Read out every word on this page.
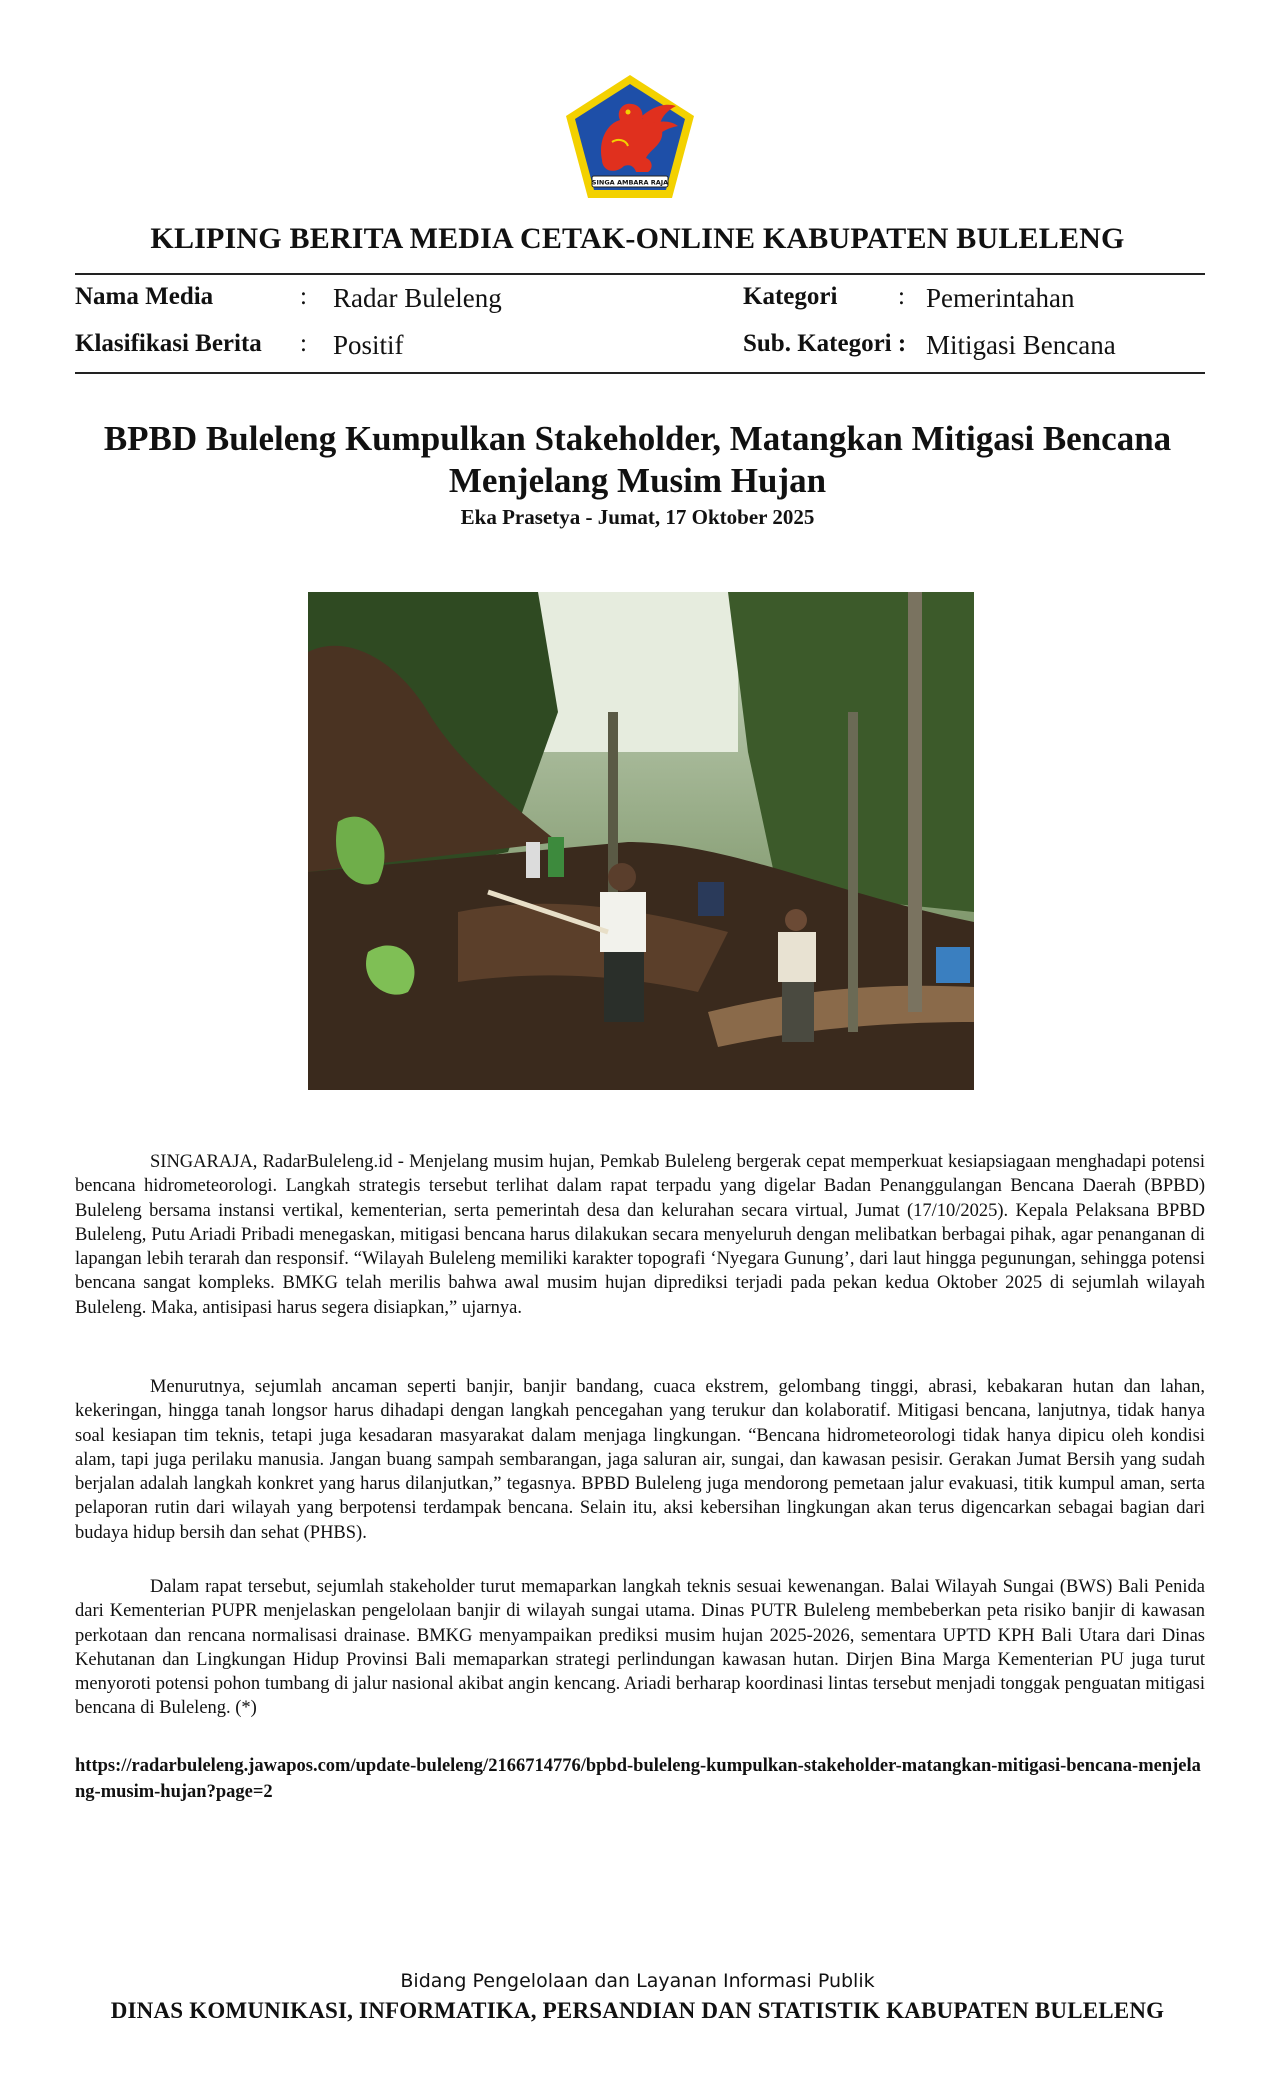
SINGA AMBARA RAJA
KLIPING BERITA MEDIA CETAK-ONLINE KABUPATEN BULELENG
Nama Media	: Radar Buleleng
Klasifikasi Berita : Positif
Kategori : Pemerintahan
Sub. Kategori : Mitigasi Bencana
BPBD Buleleng Kumpulkan Stakeholder, Matangkan Mitigasi Bencana Menjelang Musim Hujan
Eka Prasetya - Jumat, 17 Oktober 2025
SINGARAJA, RadarBuleleng.id - Menjelang musim hujan, Pemkab Buleleng bergerak cepat memperkuat kesiapsiagaan menghadapi potensi bencana hidrometeorologi. Langkah strategis tersebut terlihat dalam rapat terpadu yang digelar Badan Penanggulangan Bencana Daerah (BPBD) Buleleng bersama instansi vertikal, kementerian, serta pemerintah desa dan kelurahan secara virtual, Jumat (17/10/2025). Kepala Pelaksana BPBD Buleleng, Putu Ariadi Pribadi menegaskan, mitigasi bencana harus dilakukan secara menyeluruh dengan melibatkan berbagai pihak, agar penanganan di lapangan lebih terarah dan responsif. “Wilayah Buleleng memiliki karakter topografi ‘Nyegara Gunung’, dari laut hingga pegunungan, sehingga potensi bencana sangat kompleks. BMKG telah merilis bahwa awal musim hujan diprediksi terjadi pada pekan kedua Oktober 2025 di sejumlah wilayah Buleleng. Maka, antisipasi harus segera disiapkan,” ujarnya.
Menurutnya, sejumlah ancaman seperti banjir, banjir bandang, cuaca ekstrem, gelombang tinggi, abrasi, kebakaran hutan dan lahan, kekeringan, hingga tanah longsor harus dihadapi dengan langkah pencegahan yang terukur dan kolaboratif. Mitigasi bencana, lanjutnya, tidak hanya soal kesiapan tim teknis, tetapi juga kesadaran masyarakat dalam menjaga lingkungan. “Bencana hidrometeorologi tidak hanya dipicu oleh kondisi alam, tapi juga perilaku manusia. Jangan buang sampah sembarangan, jaga saluran air, sungai, dan kawasan pesisir. Gerakan Jumat Bersih yang sudah berjalan adalah langkah konkret yang harus dilanjutkan,” tegasnya. BPBD Buleleng juga mendorong pemetaan jalur evakuasi, titik kumpul aman, serta pelaporan rutin dari wilayah yang berpotensi terdampak bencana. Selain itu, aksi kebersihan lingkungan akan terus digencarkan sebagai bagian dari budaya hidup bersih dan sehat (PHBS).
Dalam rapat tersebut, sejumlah stakeholder turut memaparkan langkah teknis sesuai kewenangan. Balai Wilayah Sungai (BWS) Bali Penida dari Kementerian PUPR menjelaskan pengelolaan banjir di wilayah sungai utama. Dinas PUTR Buleleng membeberkan peta risiko banjir di kawasan perkotaan dan rencana normalisasi drainase. BMKG menyampaikan prediksi musim hujan 2025-2026, sementara UPTD KPH Bali Utara dari Dinas Kehutanan dan Lingkungan Hidup Provinsi Bali memaparkan strategi perlindungan kawasan hutan. Dirjen Bina Marga Kementerian PU juga turut menyoroti potensi pohon tumbang di jalur nasional akibat angin kencang. Ariadi berharap koordinasi lintas tersebut menjadi tonggak penguatan mitigasi bencana di Buleleng. (*)
https://radarbuleleng.jawapos.com/update-buleleng/2166714776/bpbd-buleleng-kumpulkan-stakeholder-matangkan-mitigasi-bencana-menjelang-musim-hujan?page=2
Bidang Pengelolaan dan Layanan Informasi Publik
DINAS KOMUNIKASI, INFORMATIKA, PERSANDIAN DAN STATISTIK KABUPATEN BULELENG
